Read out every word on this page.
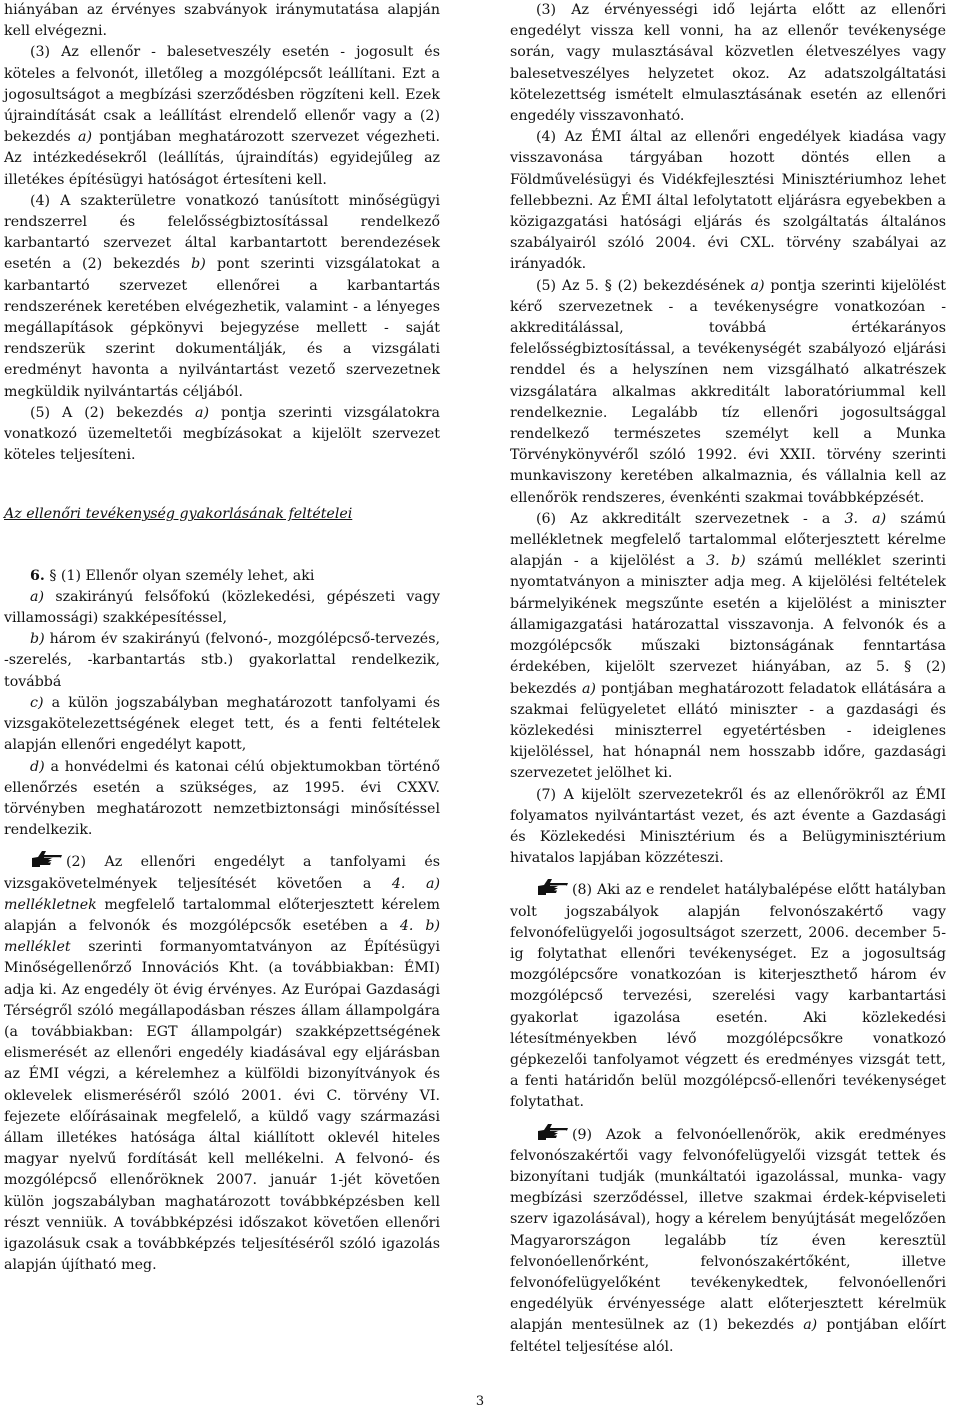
hiányában az érvényes szabványok iránymutatása alapján kell elvégezni.

(3) Az ellenőr - balesetveszély esetén - jogosult és köteles a felvonót, illetőleg a mozgólépcsőt leállítani. Ezt a jogosultságot a megbízási szerződésben rögzíteni kell. Ezek újraindítását csak a leállítást elrendelő ellenőr vagy a (2) bekezdés a) pontjában meghatározott szervezet végezheti. Az intézkedésekről (leállítás, újraindítás) egyidejűleg az illetékes építésügyi hatóságot értesíteni kell.

(4) A szakterületre vonatkozó tanúsított minőségügyi rendszerrel és felelősségbiztosítással rendelkező karbantartó szervezet által karbantartott berendezések esetén a (2) bekezdés b) pont szerinti vizsgálatokat a karbantartó szervezet ellenőrei a karbantartás rendszerének keretében elvégezhetik, valamint - a lényeges megállapítások gépkönyvi bejegyzése mellett - saját rendszerük szerint dokumentálják, és a vizsgálati eredményt havonta a nyilvántartást vezető szervezetnek megküldik nyilvántartás céljából.

(5) A (2) bekezdés a) pontja szerinti vizsgálatokra vonatkozó üzemeltetői megbízásokat a kijelölt szervezet köteles teljesíteni.

Az ellenőri tevékenység gyakorlásának feltételei

6. § (1) Ellenőr olyan személy lehet, aki

a) szakirányú felsőfokú (közlekedési, gépészeti vagy villamossági) szakképesítéssel,

b) három év szakirányú (felvonó-, mozgólépcső-tervezés, -szerelés, -karbantartás stb.) gyakorlattal rendelkezik, továbbá

c) a külön jogszabályban meghatározott tanfolyami és vizsgakötelezettségének eleget tett, és a fenti feltételek alapján ellenőri engedélyt kapott,

d) a honvédelmi és katonai célú objektumokban történő ellenőrzés esetén a szükséges, az 1995. évi CXXV. törvényben meghatározott nemzetbiztonsági minősítéssel rendelkezik.

(2) Az ellenőri engedélyt a tanfolyami és vizsgakövetelmények teljesítését követően a 4. a) mellékletnek megfelelő tartalommal előterjesztett kérelem alapján a felvonók és mozgólépcsők esetében a 4. b) melléklet szerinti formanyomtatványon az Építésügyi Minőségellenőrző Innovációs Kht. (a továbbiakban: ÉMI) adja ki. Az engedély öt évig érvényes. Az Európai Gazdasági Térségről szóló megállapodásban részes állam állampolgára (a továbbiakban: EGT állampolgár) szakképzettségének elismerését az ellenőri engedély kiadásával egy eljárásban az ÉMI végzi, a kérelemhez a külföldi bizonyítványok és oklevelek elismeréséről szóló 2001. évi C. törvény VI. fejezete előírásainak megfelelő, a küldő vagy származási állam illetékes hatósága által kiállított oklevél hiteles magyar nyelvű fordítását kell mellékelni. A felvonó- és mozgólépcső ellenőröknek 2007. január 1-jét követően külön jogszabályban maghatározott továbbképzésben kell részt venniük. A továbbképzési időszakot követően ellenőri igazolásuk csak a továbbképzés teljesítéséről szóló igazolás alapján újítható meg.

(3) Az érvényességi idő lejárta előtt az ellenőri engedélyt vissza kell vonni, ha az ellenőr tevékenysége során, vagy mulasztásával közvetlen életveszélyes vagy balesetveszélyes helyzetet okoz. Az adatszolgáltatási kötelezettség ismételt elmulasztásának esetén az ellenőri engedély visszavonható.

(4) Az ÉMI által az ellenőri engedélyek kiadása vagy visszavonása tárgyában hozott döntés ellen a Földművelésügyi és Vidékfejlesztési Minisztériumhoz lehet fellebbezni. Az ÉMI által lefolytatott eljárásra egyebekben a közigazgatási hatósági eljárás és szolgáltatás általános szabályairól szóló 2004. évi CXL. törvény szabályai az irányadók.

(5) Az 5. § (2) bekezdésének a) pontja szerinti kijelölést kérő szervezetnek - a tevékenységre vonatkozóan - akkreditálással, továbbá értékarányos felelősségbiztosítással, a tevékenységét szabályozó eljárási renddel és a helyszínen nem vizsgálható alkatrészek vizsgálatára alkalmas akkreditált laboratóriummal kell rendelkeznie. Legalább tíz ellenőri jogosultsággal rendelkező természetes személyt kell a Munka Törvénykönyvéről szóló 1992. évi XXII. törvény szerinti munkaviszony keretében alkalmaznia, és vállalnia kell az ellenőrök rendszeres, évenkénti szakmai továbbképzését.

(6) Az akkreditált szervezetnek - a 3. a) számú mellékletnek megfelelő tartalommal előterjesztett kérelme alapján - a kijelölést a 3. b) számú melléklet szerinti nyomtatványon a miniszter adja meg. A kijelölési feltételek bármelyikének megszűnte esetén a kijelölést a miniszter államigazgatási határozattal visszavonja. A felvonók és a mozgólépcsők műszaki biztonságának fenntartása érdekében, kijelölt szervezet hiányában, az 5. § (2) bekezdés a) pontjában meghatározott feladatok ellátására a szakmai felügyeletet ellátó miniszter - a gazdasági és közlekedési miniszterrel egyetértésben - ideiglenes kijelöléssel, hat hónapnál nem hosszabb időre, gazdasági szervezetet jelölhet ki.

(7) A kijelölt szervezetekről és az ellenőrökről az ÉMI folyamatos nyilvántartást vezet, és azt évente a Gazdasági és Közlekedési Minisztérium és a Belügyminisztérium hivatalos lapjában közzéteszi.

(8) Aki az e rendelet hatálybalépése előtt hatályban volt jogszabályok alapján felvonószakértő vagy felvonófelügyelői jogosultságot szerzett, 2006. december 5-ig folytathat ellenőri tevékenységet. Ez a jogosultság mozgólépcsőre vonatkozóan is kiterjeszthető három év mozgólépcső tervezési, szerelési vagy karbantartási gyakorlat igazolása esetén. Aki közlekedési létesítményekben lévő mozgólépcsőkre vonatkozó gépkezelői tanfolyamot végzett és eredményes vizsgát tett, a fenti határidőn belül mozgólépcső-ellenőri tevékenységet folytathat.

(9) Azok a felvonóellenőrök, akik eredményes felvonószakértői vagy felvonófelügyelői vizsgát tettek és bizonyítani tudják (munkáltatói igazolással, munka- vagy megbízási szerződéssel, illetve szakmai érdek-képviseleti szerv igazolásával), hogy a kérelem benyújtását megelőzően Magyarországon legalább tíz éven keresztül felvonóellenőrként, felvonószakértőként, illetve felvonófelügyelőként tevékenykedtek, felvonóellenőri engedélyük érvényessége alatt előterjesztett kérelmük alapján mentesülnek az (1) bekezdés a) pontjában előírt feltétel teljesítése alól.

3
